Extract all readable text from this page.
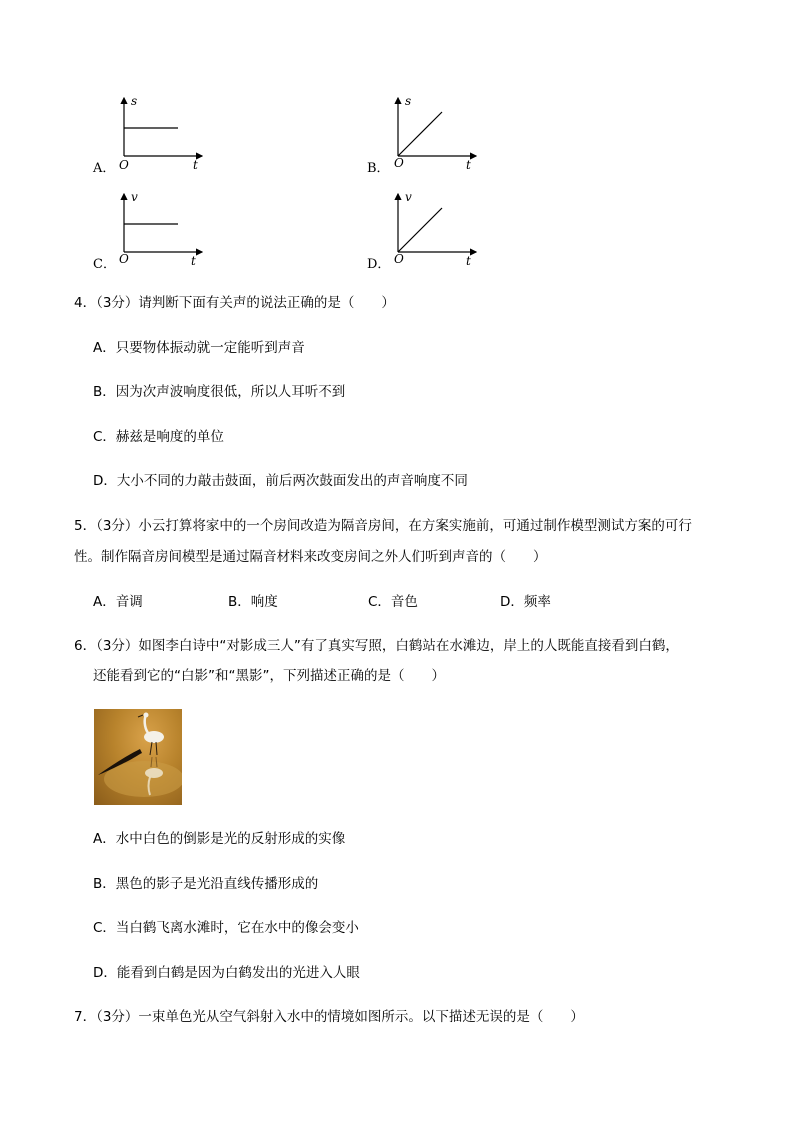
A．
s
O	t	B．
s
O	t
C．
v
O	t	D．
v
O	t
4．（3分）请判断下面有关声的说法正确的是（　　）
A．只要物体振动就一定能听到声音
B．因为次声波响度很低，所以人耳听不到
C．赫兹是响度的单位
D．大小不同的力敲击鼓面，前后两次鼓面发出的声音响度不同
5．（3分）小云打算将家中的一个房间改造为隔音房间，在方案实施前，可通过制作模型测试方案的可行
性。制作隔音房间模型是通过隔音材料来改变房间之外人们听到声音的（　　）
A．音调	B．响度	C．音色	D．频率
6．（3分）如图李白诗中“对影成三人”有了真实写照，白鹤站在水滩边，岸上的人既能直接看到白鹤，
还能看到它的“白影”和“黑影”，下列描述正确的是（　　）
A．水中白色的倒影是光的反射形成的实像
B．黑色的影子是光沿直线传播形成的
C．当白鹤飞离水滩时，它在水中的像会变小
D．能看到白鹤是因为白鹤发出的光进入人眼
7．（3分）一束单色光从空气斜射入水中的情境如图所示。以下描述无误的是（　　）
